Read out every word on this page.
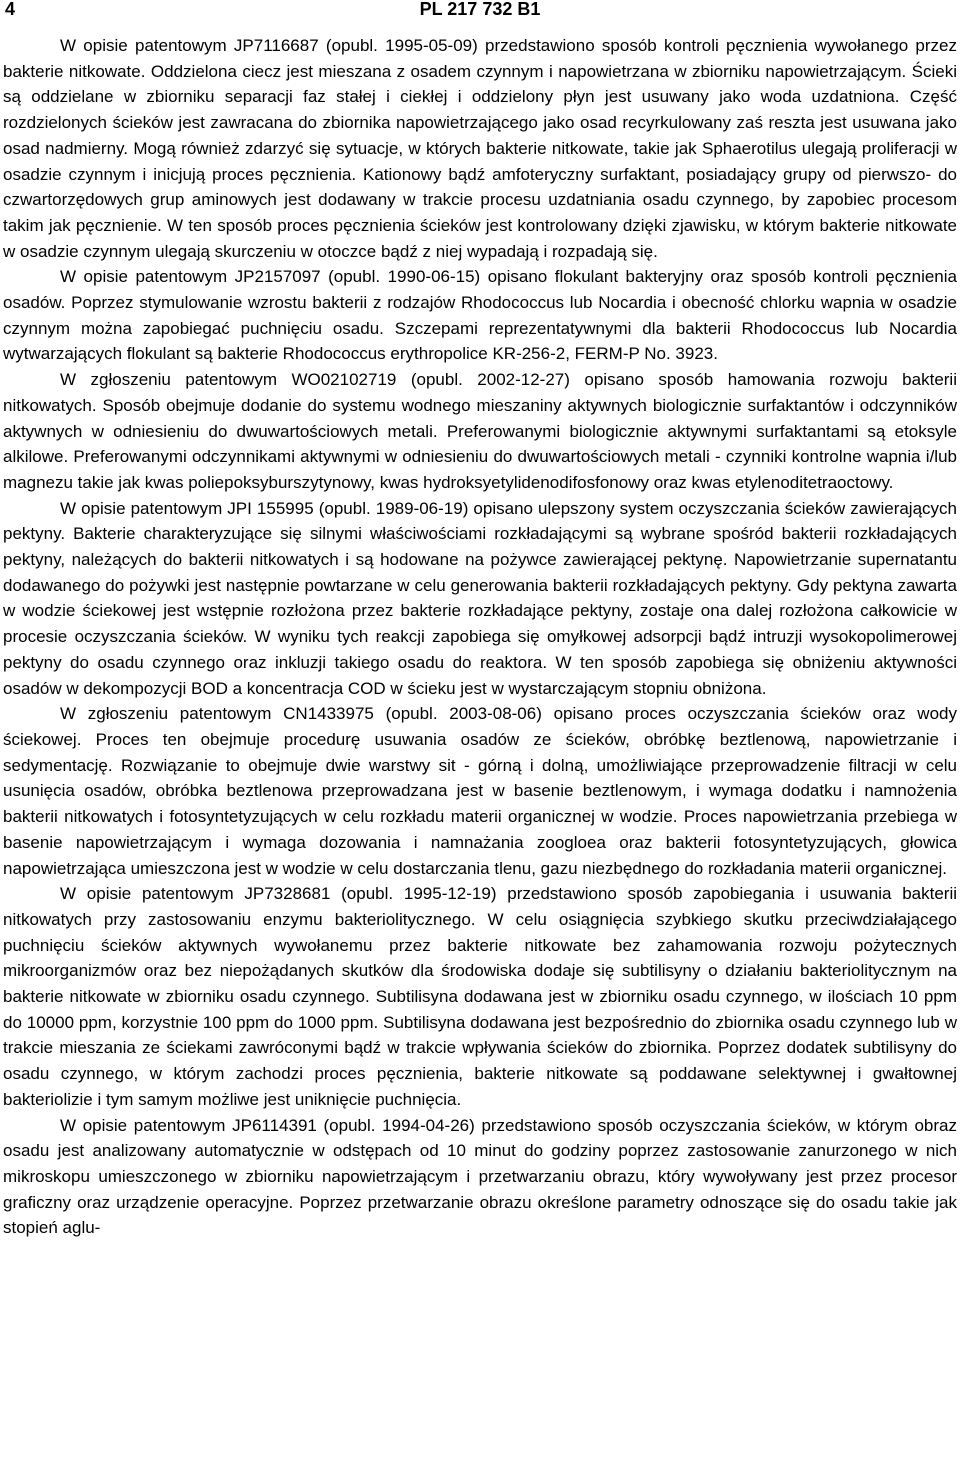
4	PL 217 732 B1

W opisie patentowym JP7116687 (opubl. 1995-05-09) przedstawiono sposób kontroli pęcznienia wywołanego przez bakterie nitkowate. Oddzielona ciecz jest mieszana z osadem czynnym i napowietrzana w zbiorniku napowietrzającym. Ścieki są oddzielane w zbiorniku separacji faz stałej i ciekłej i oddzielony płyn jest usuwany jako woda uzdatniona. Część rozdzielonych ścieków jest zawracana do zbiornika napowietrzającego jako osad recyrkulowany zaś reszta jest usuwana jako osad nadmierny. Mogą również zdarzyć się sytuacje, w których bakterie nitkowate, takie jak Sphaerotilus ulegają proliferacji w osadzie czynnym i inicjują proces pęcznienia. Kationowy bądź amfoteryczny surfaktant, posiadający grupy od pierwszo- do czwartorzędowych grup aminowych jest dodawany w trakcie procesu uzdatniania osadu czynnego, by zapobiec procesom takim jak pęcznienie. W ten sposób proces pęcznienia ścieków jest kontrolowany dzięki zjawisku, w którym bakterie nitkowate w osadzie czynnym ulegają skurczeniu w otoczce bądź z niej wypadają i rozpadają się.

W opisie patentowym JP2157097 (opubl. 1990-06-15) opisano flokulant bakteryjny oraz sposób kontroli pęcznienia osadów. Poprzez stymulowanie wzrostu bakterii z rodzajów Rhodococcus lub Nocardia i obecność chlorku wapnia w osadzie czynnym można zapobiegać puchnięciu osadu. Szczepami reprezentatywnymi dla bakterii Rhodococcus lub Nocardia wytwarzających flokulant są bakterie Rhodococcus erythropolice KR-256-2, FERM-P No. 3923.

W zgłoszeniu patentowym WO02102719 (opubl. 2002-12-27) opisano sposób hamowania rozwoju bakterii nitkowatych. Sposób obejmuje dodanie do systemu wodnego mieszaniny aktywnych biologicznie surfaktantów i odczynników aktywnych w odniesieniu do dwuwartościowych metali. Preferowanymi biologicznie aktywnymi surfaktantami są etoksyle alkilowe. Preferowanymi odczynnikami aktywnymi w odniesieniu do dwuwartościowych metali - czynniki kontrolne wapnia i/lub magnezu takie jak kwas poliepoksyburszytynowy, kwas hydroksyetylidenodifosfonowy oraz kwas etylenoditetraoctowy.

W opisie patentowym JPI 155995 (opubl. 1989-06-19) opisano ulepszony system oczyszczania ścieków zawierających pektyny. Bakterie charakteryzujące się silnymi właściwościami rozkładającymi są wybrane spośród bakterii rozkładających pektyny, należących do bakterii nitkowatych i są hodowane na pożywce zawierającej pektynę. Napowietrzanie supernatantu dodawanego do pożywki jest następnie powtarzane w celu generowania bakterii rozkładających pektyny. Gdy pektyna zawarta w wodzie ściekowej jest wstępnie rozłożona przez bakterie rozkładające pektyny, zostaje ona dalej rozłożona całkowicie w procesie oczyszczania ścieków. W wyniku tych reakcji zapobiega się omyłkowej adsorpcji bądź intruzji wysokopolimerowej pektyny do osadu czynnego oraz inkluzji takiego osadu do reaktora. W ten sposób zapobiega się obniżeniu aktywności osadów w dekompozycji BOD a koncentracja COD w ścieku jest w wystarczającym stopniu obniżona.

W zgłoszeniu patentowym CN1433975 (opubl. 2003-08-06) opisano proces oczyszczania ścieków oraz wody ściekowej. Proces ten obejmuje procedurę usuwania osadów ze ścieków, obróbkę beztlenową, napowietrzanie i sedymentację. Rozwiązanie to obejmuje dwie warstwy sit - górną i dolną, umożliwiające przeprowadzenie filtracji w celu usunięcia osadów, obróbka beztlenowa przeprowadzana jest w basenie beztlenowym, i wymaga dodatku i namnożenia bakterii nitkowatych i fotosyntetyzujących w celu rozkładu materii organicznej w wodzie. Proces napowietrzania przebiega w basenie napowietrzającym i wymaga dozowania i namnażania zoogloea oraz bakterii fotosyntetyzujących, głowica napowietrzająca umieszczona jest w wodzie w celu dostarczania tlenu, gazu niezbędnego do rozkładania materii organicznej.

W opisie patentowym JP7328681 (opubl. 1995-12-19) przedstawiono sposób zapobiegania i usuwania bakterii nitkowatych przy zastosowaniu enzymu bakteriolitycznego. W celu osiągnięcia szybkiego skutku przeciwdziałającego puchnięciu ścieków aktywnych wywołanemu przez bakterie nitkowate bez zahamowania rozwoju pożytecznych mikroorganizmów oraz bez niepożądanych skutków dla środowiska dodaje się subtilisyny o działaniu bakteriolitycznym na bakterie nitkowate w zbiorniku osadu czynnego. Subtilisyna dodawana jest w zbiorniku osadu czynnego, w ilościach 10 ppm do 10000 ppm, korzystnie 100 ppm do 1000 ppm. Subtilisyna dodawana jest bezpośrednio do zbiornika osadu czynnego lub w trakcie mieszania ze ściekami zawróconymi bądź w trakcie wpływania ścieków do zbiornika. Poprzez dodatek subtilisyny do osadu czynnego, w którym zachodzi proces pęcznienia, bakterie nitkowate są poddawane selektywnej i gwałtownej bakteriolizie i tym samym możliwe jest uniknięcie puchnięcia.

W opisie patentowym JP6114391 (opubl. 1994-04-26) przedstawiono sposób oczyszczania ścieków, w którym obraz osadu jest analizowany automatycznie w odstępach od 10 minut do godziny poprzez zastosowanie zanurzonego w nich mikroskopu umieszczonego w zbiorniku napowietrzającym i przetwarzaniu obrazu, który wywoływany jest przez procesor graficzny oraz urządzenie operacyjne. Poprzez przetwarzanie obrazu określone parametry odnoszące się do osadu takie jak stopień aglu-
